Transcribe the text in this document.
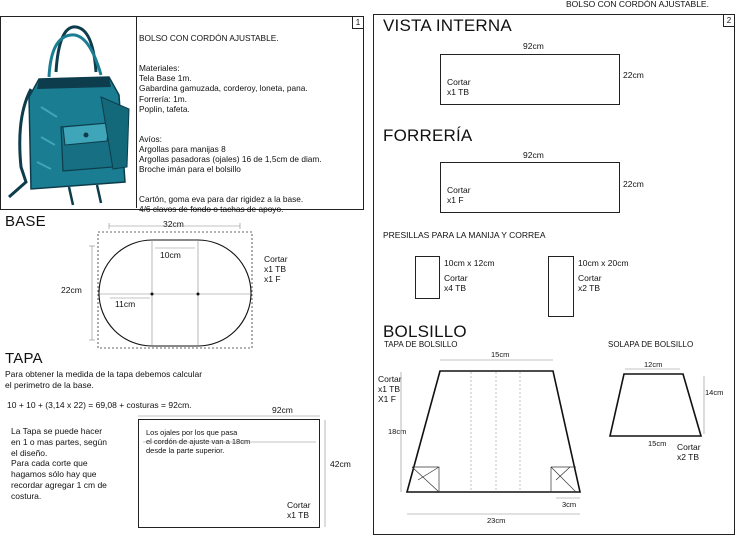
BOLSO CON CORDÓN AJUSTABLE.
1

BOLSO CON CORDÓN AJUSTABLE.

Materiales:
Tela Base 1m.
Gabardina gamuzada, corderoy, loneta, pana.
Forrería: 1m.
Poplin, tafeta.

Avíos:
Argollas para manijas 8
Argollas pasadoras (ojales) 16 de 1,5cm de diam.
Broche imán para el bolsillo

Cartón, goma eva para dar rigidez a la base.
4/6 clavos de fondo o tachas de apoyo.

BASE	32cm
22cm
10cm
11cm
Cortar
x1 TB
x1 F
TAPA
Para obtener la medida de la tapa debemos calcular
el perimetro de la base.
10 + 10 + (3,14 x 22) = 69,08 + costuras = 92cm.
La Tapa se puede hacer
en 1 o mas partes, según
el diseño.
Para cada corte que
hagamos sólo hay que
recordar agregar 1 cm de
costura.
92cm
42cm
Los ojales por los que pasa
el cordón de ajuste van 18cm
desde la parte superior.
Cortar
x1 TB
2
VISTA INTERNA
92cm
Cortar
x1 TB
22cm
FORRERÍA
92cm
Cortar
x1 F
22cm
PRESILLAS PARA LA MANIJA Y CORREA
10cm x 12cm
Cortar
x4 TB
10cm x 20cm
Cortar
x2 TB
BOLSILLO
TAPA DE BOLSILLO	SOLAPA DE BOLSILLO
Cortar
x1 TB
X1 F
15cm
18cm
23cm
3cm
12cm
14cm
15cm Cortar
x2 TB
